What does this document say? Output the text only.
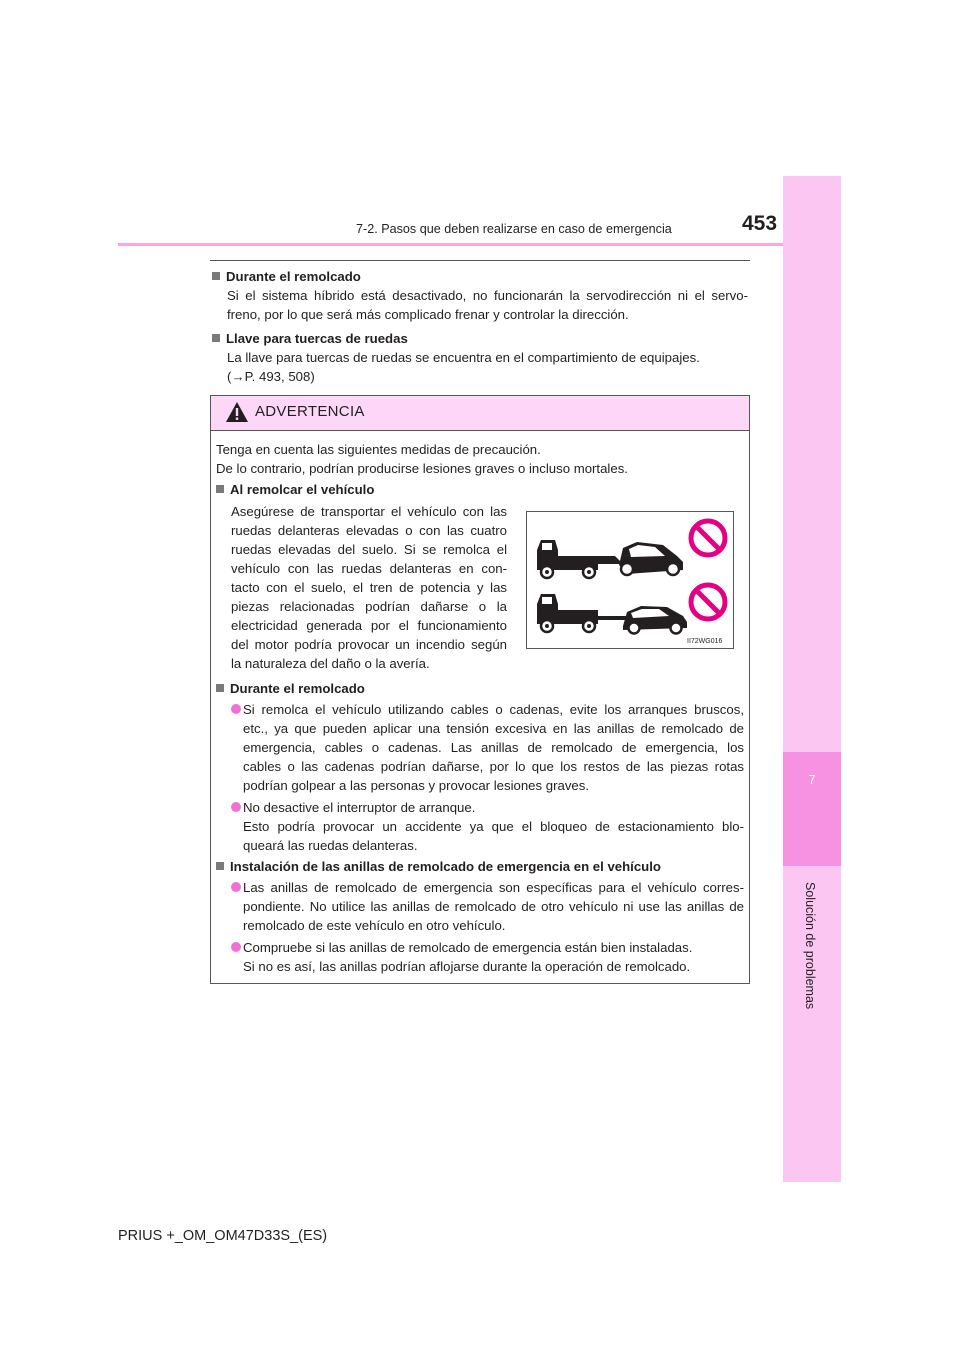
7-2. Pasos que deben realizarse en caso de emergencia	453
7
Solución de problemas
Durante el remolcado
Si el sistema híbrido está desactivado, no funcionarán la servodirección ni el servo-
freno, por lo que será más complicado frenar y controlar la dirección.
Llave para tuercas de ruedas
La llave para tuercas de ruedas se encuentra en el compartimiento de equipajes.
(→P. 493, 508)
ADVERTENCIA
Tenga en cuenta las siguientes medidas de precaución.
De lo contrario, podrían producirse lesiones graves o incluso mortales.
Al remolcar el vehículo
Asegúrese de transportar el vehículo con las
ruedas delanteras elevadas o con las cuatro
ruedas elevadas del suelo. Si se remolca el
vehículo con las ruedas delanteras en con-
tacto con el suelo, el tren de potencia y las
piezas relacionadas podrían dañarse o la
electricidad generada por el funcionamiento
del motor podría provocar un incendio según
la naturaleza del daño o la avería.
II72WG016
Durante el remolcado
Si remolca el vehículo utilizando cables o cadenas, evite los arranques bruscos,
etc., ya que pueden aplicar una tensión excesiva en las anillas de remolcado de
emergencia, cables o cadenas. Las anillas de remolcado de emergencia, los
cables o las cadenas podrían dañarse, por lo que los restos de las piezas rotas
podrían golpear a las personas y provocar lesiones graves.
No desactive el interruptor de arranque.
Esto podría provocar un accidente ya que el bloqueo de estacionamiento blo-
queará las ruedas delanteras.
Instalación de las anillas de remolcado de emergencia en el vehículo
Las anillas de remolcado de emergencia son específicas para el vehículo corres-
pondiente. No utilice las anillas de remolcado de otro vehículo ni use las anillas de
remolcado de este vehículo en otro vehículo.
Compruebe si las anillas de remolcado de emergencia están bien instaladas.
Si no es así, las anillas podrían aflojarse durante la operación de remolcado.
PRIUS +_OM_OM47D33S_(ES)
